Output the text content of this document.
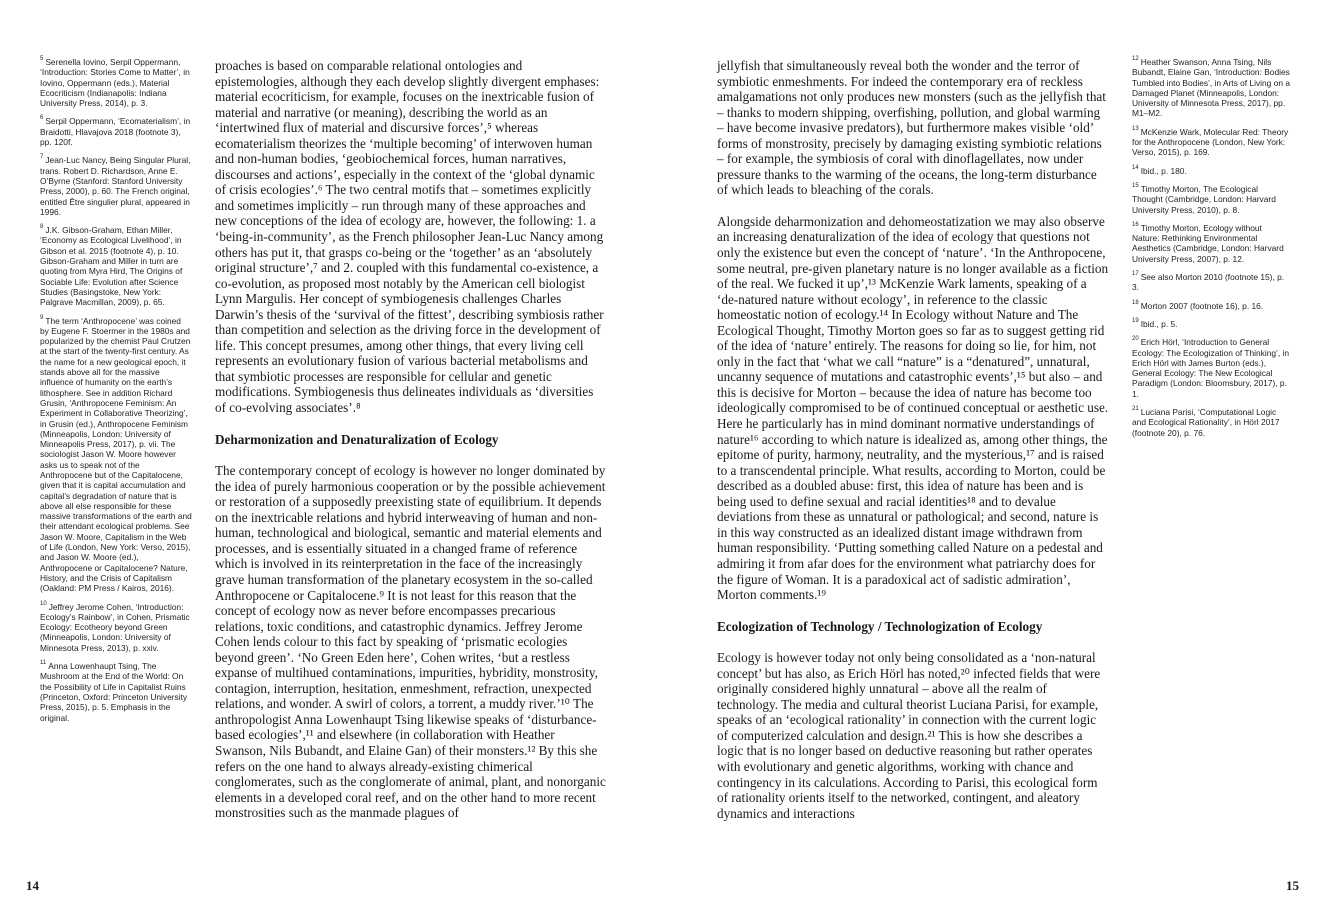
$^5$ Serenella Iovino, Serpil Oppermann, ‘Introduction: Stories Come to Matter’, in Iovino, Oppermann (eds.), Material Ecocriticism (Indianapolis: Indiana University Press, 2014), p. 3.

$^6$ Serpil Oppermann, ‘Ecomaterialism’, in Braidotti, Hlavajova 2018 (footnote 3), pp. 120f.

$^7$ Jean-Luc Nancy, Being Singular Plural, trans. Robert D. Richardson, Anne E. O’Byrne (Stanford: Stanford University Press, 2000), p. 60. The French original, entitled Être singulier plural, appeared in 1996.

$^8$ J.K. Gibson-Graham, Ethan Miller, ‘Economy as Ecological Livelihood’, in Gibson et al. 2015 (footnote 4), p. 10. Gibson-Graham and Miller in turn are quoting from Myra Hird, The Origins of Sociable Life: Evolution after Science Studies (Basingstoke, New York: Palgrave Macmillan, 2009), p. 65.

$^9$ The term ‘Anthropocene’ was coined by Eugene F. Stoermer in the 1980s and popularized by the chemist Paul Crutzen at the start of the twenty-first century. As the name for a new geological epoch, it stands above all for the massive influence of humanity on the earth’s lithosphere. See in addition Richard Grusin, ‘Anthropocene Feminism: An Experiment in Collaborative Theorizing’, in Grusin (ed.), Anthropocene Feminism (Minneapolis, London: University of Minneapolis Press, 2017), p. vii. The sociologist Jason W. Moore however asks us to speak not of the Anthropocene but of the Capitalocene, given that it is capital accumulation and capital’s degradation of nature that is above all else responsible for these massive transformations of the earth and their attendant ecological problems. See Jason W. Moore, Capitalism in the Web of Life (London, New York: Verso, 2015), and Jason W. Moore (ed.), Anthropocene or Capitalocene? Nature, History, and the Crisis of Capitalism (Oakland: PM Press / Kairos, 2016).

$^{10}$ Jeffrey Jerome Cohen, ‘Introduction: Ecology’s Rainbow’, in Cohen, Prismatic Ecology: Ecotheory beyond Green (Minneapolis, London: University of Minnesota Press, 2013), p. xxiv.

$^{11}$ Anna Lowenhaupt Tsing, The Mushroom at the End of the World: On the Possibility of Life in Capitalist Ruins (Princeton, Oxford: Princeton University Press, 2015), p. 5. Emphasis in the original.

proaches is based on comparable relational ontologies and epistemologies, although they each develop slightly divergent emphases: material ecocriticism, for example, focuses on the inextricable fusion of material and narrative (or meaning), describing the world as an ‘intertwined flux of material and discursive forces’,⁵ whereas ecomaterialism theorizes the ‘multiple becoming’ of interwoven human and non-human bodies, ‘geobiochemical forces, human narratives, discourses and actions’, especially in the context of the ‘global dynamic of crisis ecologies’.⁶ The two central motifs that – sometimes explicitly and sometimes implicitly – run through many of these approaches and new conceptions of the idea of ecology are, however, the following: 1. a ‘being-in-community’, as the French philosopher Jean-Luc Nancy among others has put it, that grasps co-being or the ‘together’ as an ‘absolutely original structure’,⁷ and 2. coupled with this fundamental co-existence, a co-evolution, as proposed most notably by the American cell biologist Lynn Margulis. Her concept of symbiogenesis challenges Charles Darwin’s thesis of the ‘survival of the fittest’, describing symbiosis rather than competition and selection as the driving force in the development of life. This concept presumes, among other things, that every living cell represents an evolutionary fusion of various bacterial metabolisms and that symbiotic processes are responsible for cellular and genetic modifications. Symbiogenesis thus delineates individuals as ‘diversities of co-evolving associates’.⁸

Deharmonization and Denaturalization of Ecology

The contemporary concept of ecology is however no longer dominated by the idea of purely harmonious cooperation or by the possible achievement or restoration of a supposedly preexisting state of equilibrium. It depends on the inextricable relations and hybrid interweaving of human and non-human, technological and biological, semantic and material elements and processes, and is essentially situated in a changed frame of reference which is involved in its reinterpretation in the face of the increasingly grave human transformation of the planetary ecosystem in the so-called Anthropocene or Capitalocene.⁹ It is not least for this reason that the concept of ecology now as never before encompasses precarious relations, toxic conditions, and catastrophic dynamics. Jeffrey Jerome Cohen lends colour to this fact by speaking of ‘prismatic ecologies beyond green’. ‘No Green Eden here’, Cohen writes, ‘but a restless expanse of multihued contaminations, impurities, hybridity, monstrosity, contagion, interruption, hesitation, enmeshment, refraction, unexpected relations, and wonder. A swirl of colors, a torrent, a muddy river.’¹⁰ The anthropologist Anna Lowenhaupt Tsing likewise speaks of ‘disturbance-based ecologies’,¹¹ and elsewhere (in collaboration with Heather Swanson, Nils Bubandt, and Elaine Gan) of their monsters.¹² By this she refers on the one hand to always already-existing chimerical conglomerates, such as the conglomerate of animal, plant, and nonorganic elements in a developed coral reef, and on the other hand to more recent monstrosities such as the manmade plagues of

14

jellyfish that simultaneously reveal both the wonder and the terror of symbiotic enmeshments. For indeed the contemporary era of reckless amalgamations not only produces new monsters (such as the jellyfish that – thanks to modern shipping, overfishing, pollution, and global warming – have become invasive predators), but furthermore makes visible ‘old’ forms of monstrosity, precisely by damaging existing symbiotic relations – for example, the symbiosis of coral with dinoflagellates, now under pressure thanks to the warming of the oceans, the long-term disturbance of which leads to bleaching of the corals.

Alongside deharmonization and dehomeostatization we may also observe an increasing denaturalization of the idea of ecology that questions not only the existence but even the concept of ‘nature’. ‘In the Anthropocene, some neutral, pre-given planetary nature is no longer available as a fiction of the real. We fucked it up’,¹³ McKenzie Wark laments, speaking of a ‘de-natured nature without ecology’, in reference to the classic homeostatic notion of ecology.¹⁴ In Ecology without Nature and The Ecological Thought, Timothy Morton goes so far as to suggest getting rid of the idea of ‘nature’ entirely. The reasons for doing so lie, for him, not only in the fact that ‘what we call “nature” is a “denatured”, unnatural, uncanny sequence of mutations and catastrophic events’,¹⁵ but also – and this is decisive for Morton – because the idea of nature has become too ideologically compromised to be of continued conceptual or aesthetic use. Here he particularly has in mind dominant normative understandings of nature¹⁶ according to which nature is idealized as, among other things, the epitome of purity, harmony, neutrality, and the mysterious,¹⁷ and is raised to a transcendental principle. What results, according to Morton, could be described as a doubled abuse: first, this idea of nature has been and is being used to define sexual and racial identities¹⁸ and to devalue deviations from these as unnatural or pathological; and second, nature is in this way constructed as an idealized distant image withdrawn from human responsibility. ‘Putting something called Nature on a pedestal and admiring it from afar does for the environment what patriarchy does for the figure of Woman. It is a paradoxical act of sadistic admiration’, Morton comments.¹⁹

Ecologization of Technology / Technologization of Ecology

Ecology is however today not only being consolidated as a ‘non-natural concept’ but has also, as Erich Hörl has noted,²⁰ infected fields that were originally considered highly unnatural – above all the realm of technology. The media and cultural theorist Luciana Parisi, for example, speaks of an ‘ecological rationality’ in connection with the current logic of computerized calculation and design.²¹ This is how she describes a logic that is no longer based on deductive reasoning but rather operates with evolutionary and genetic algorithms, working with chance and contingency in its calculations. According to Parisi, this ecological form of rationality orients itself to the networked, contingent, and aleatory dynamics and interactions

$^{12}$ Heather Swanson, Anna Tsing, Nils Bubandt, Elaine Gan, ‘Introduction: Bodies Tumbled into Bodies’, in Arts of Living on a Damaged Planet (Minneapolis, London: University of Minnesota Press, 2017), pp. M1–M2.

$^{13}$ McKenzie Wark, Molecular Red: Theory for the Anthropocene (London, New York: Verso, 2015), p. 169.

$^{14}$ Ibid., p. 180.

$^{15}$ Timothy Morton, The Ecological Thought (Cambridge, London: Harvard University Press, 2010), p. 8.

$^{16}$ Timothy Morton, Ecology without Nature: Rethinking Environmental Aesthetics (Cambridge, London: Harvard University Press, 2007), p. 12.

$^{17}$ See also Morton 2010 (footnote 15), p. 3.

$^{18}$ Morton 2007 (footnote 16), p. 16.

$^{19}$ Ibid., p. 5.

$^{20}$ Erich Hörl, ‘Introduction to General Ecology: The Ecologization of Thinking’, in Erich Hörl with James Burton (eds.), General Ecology: The New Ecological Paradigm (London: Bloomsbury, 2017), p. 1.

$^{21}$ Luciana Parisi, ‘Computational Logic and Ecological Rationality’, in Hörl 2017 (footnote 20), p. 76.

15
